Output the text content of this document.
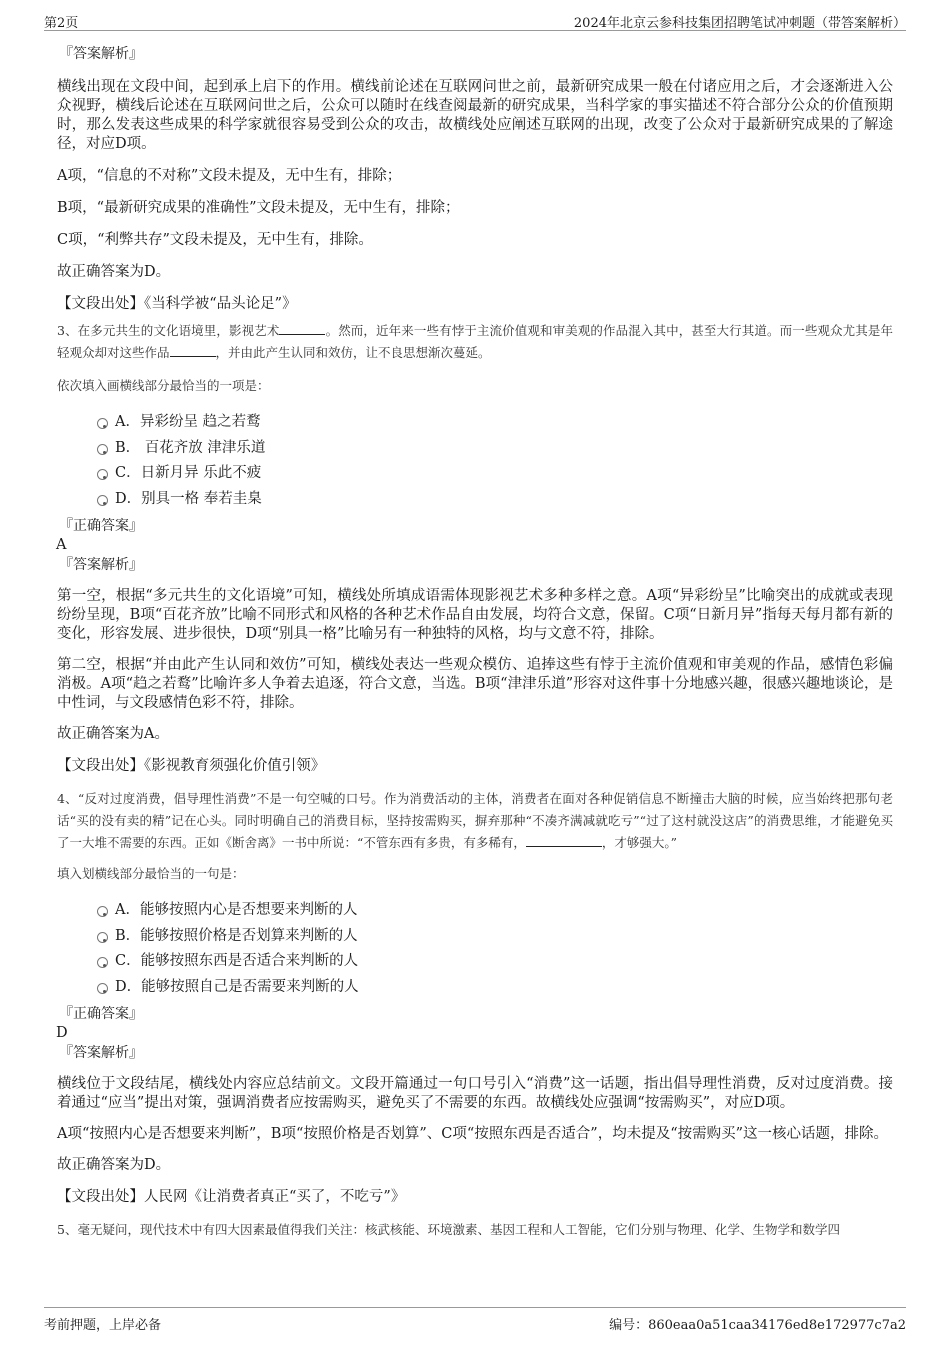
第2页	2024年北京云参科技集团招聘笔试冲刺题（带答案解析）
『答案解析』

横线出现在文段中间，起到承上启下的作用。横线前论述在互联网问世之前，最新研究成果一般在付诸应用之后，才会逐渐进入公众视野，横线后论述在互联网问世之后，公众可以随时在线查阅最新的研究成果，当科学家的事实描述不符合部分公众的价值预期时，那么发表这些成果的科学家就很容易受到公众的攻击，故横线处应阐述互联网的出现，改变了公众对于最新研究成果的了解途径，对应D项。

A项，“信息的不对称”文段未提及，无中生有，排除；

B项，“最新研究成果的准确性”文段未提及，无中生有，排除；

C项，“利弊共存”文段未提及，无中生有，排除。

故正确答案为D。

【文段出处】《当科学被“品头论足”》

3、在多元共生的文化语境里，影视艺术	。然而，近年来一些有悖于主流价值观和审美观的作品混入其中，甚至大行其道。而一些观众尤其是年轻观众却对这些作品	，并由此产生认同和效仿，让不良思想渐次蔓延。

依次填入画横线部分最恰当的一项是：
A．异彩纷呈 趋之若鹜
B． 百花齐放 津津乐道
C．日新月异 乐此不疲
D．别具一格 奉若圭臬
『正确答案』
A
『答案解析』

第一空，根据“多元共生的文化语境”可知，横线处所填成语需体现影视艺术多种多样之意。A项“异彩纷呈”比喻突出的成就或表现纷纷呈现，B项“百花齐放”比喻不同形式和风格的各种艺术作品自由发展，均符合文意，保留。C项“日新月异”指每天每月都有新的变化，形容发展、进步很快，D项“别具一格”比喻另有一种独特的风格，均与文意不符，排除。

第二空，根据“并由此产生认同和效仿”可知，横线处表达一些观众模仿、追捧这些有悖于主流价值观和审美观的作品，感情色彩偏消极。A项“趋之若鹜”比喻许多人争着去追逐，符合文意，当选。B项“津津乐道”形容对这件事十分地感兴趣，很感兴趣地谈论，是中性词，与文段感情色彩不符，排除。

故正确答案为A。

【文段出处】《影视教育须强化价值引领》

4、“反对过度消费，倡导理性消费”不是一句空喊的口号。作为消费活动的主体，消费者在面对各种促销信息不断撞击大脑的时候，应当始终把那句老话“买的没有卖的精”记在心头。同时明确自己的消费目标，坚持按需购买，摒弃那种“不凑齐满减就吃亏”“过了这村就没这店”的消费思维，才能避免买了一大堆不需要的东西。正如《断舍离》一书中所说：“不管东西有多贵，有多稀有，	，才够强大。”

填入划横线部分最恰当的一句是：
A．能够按照内心是否想要来判断的人
B．能够按照价格是否划算来判断的人
C．能够按照东西是否适合来判断的人
D．能够按照自己是否需要来判断的人
『正确答案』
D
『答案解析』

横线位于文段结尾，横线处内容应总结前文。文段开篇通过一句口号引入“消费”这一话题，指出倡导理性消费，反对过度消费。接着通过“应当”提出对策，强调消费者应按需购买，避免买了不需要的东西。故横线处应强调“按需购买”，对应D项。

A项“按照内心是否想要来判断”，B项“按照价格是否划算”、C项“按照东西是否适合”，均未提及“按需购买”这一核心话题，排除。

故正确答案为D。

【文段出处】人民网《让消费者真正“买了，不吃亏”》

5、毫无疑问，现代技术中有四大因素最值得我们关注：核武核能、环境激素、基因工程和人工智能，它们分别与物理、化学、生物学和数学四

考前押题，上岸必备	编号：860eaa0a51caa34176ed8e172977c7a2
